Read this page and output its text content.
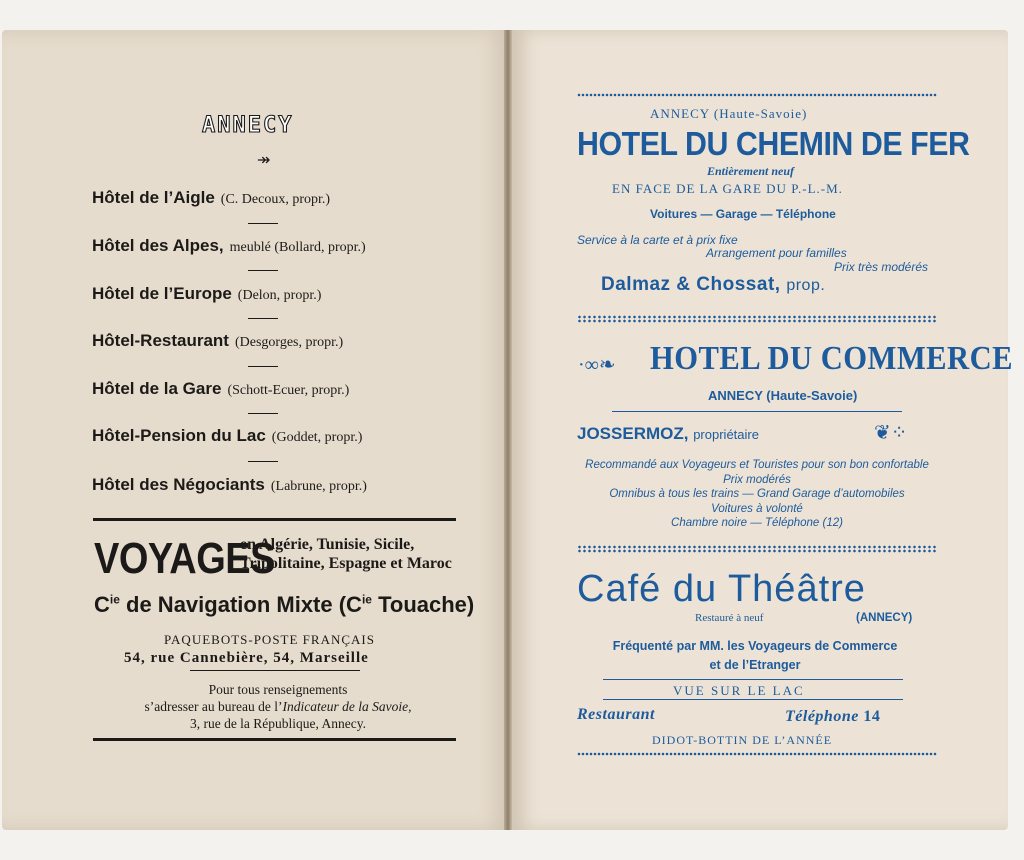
ANNECY
↠
Hôtel de l’Aigle (C. Decoux, propr.)
Hôtel des Alpes, meublé (Bollard, propr.)
Hôtel de l’Europe (Delon, propr.)
Hôtel-Restaurant (Desgorges, propr.)
Hôtel de la Gare (Schott-Ecuer, propr.)
Hôtel-Pension du Lac (Goddet, propr.)
Hôtel des Négociants (Labrune, propr.)
VOYAGES
en Algérie, Tunisie, Sicile,
Tripolitaine, Espagne et Maroc
$C^{ie}$ de Navigation Mixte ($C^{ie}$ Touache)
PAQUEBOTS-POSTE FRANÇAIS
54, rue Cannebière, 54, Marseille
Pour tous renseignements
s’adresser au bureau de l’Indicateur de la Savoie,
3, rue de la République, Annecy.
ANNECY (Haute-Savoie)
HOTEL DU CHEMIN DE FER
Entièrement neuf
EN FACE DE LA GARE DU P.-L.-M.
Voitures — Garage — Téléphone
Service à la carte et à prix fixe
Arrangement pour familles
Prix très modérés
Dalmaz & Chossat, prop.
·∞❧ HOTEL DU COMMERCE
ANNECY (Haute-Savoie)
JOSSERMOZ, propriétaire	❦⁘
Recommandé aux Voyageurs et Touristes pour son bon confortable
Prix modérés
Omnibus à tous les trains — Grand Garage d’automobiles
Voitures à volonté
Chambre noire — Téléphone (12)
Café du Théâtre
Restauré à neuf	(ANNECY)
Fréquenté par MM. les Voyageurs de Commerce
et de l’Etranger
VUE SUR LE LAC
Restaurant	Téléphone 14
DIDOT-BOTTIN DE L’ANNÉE
